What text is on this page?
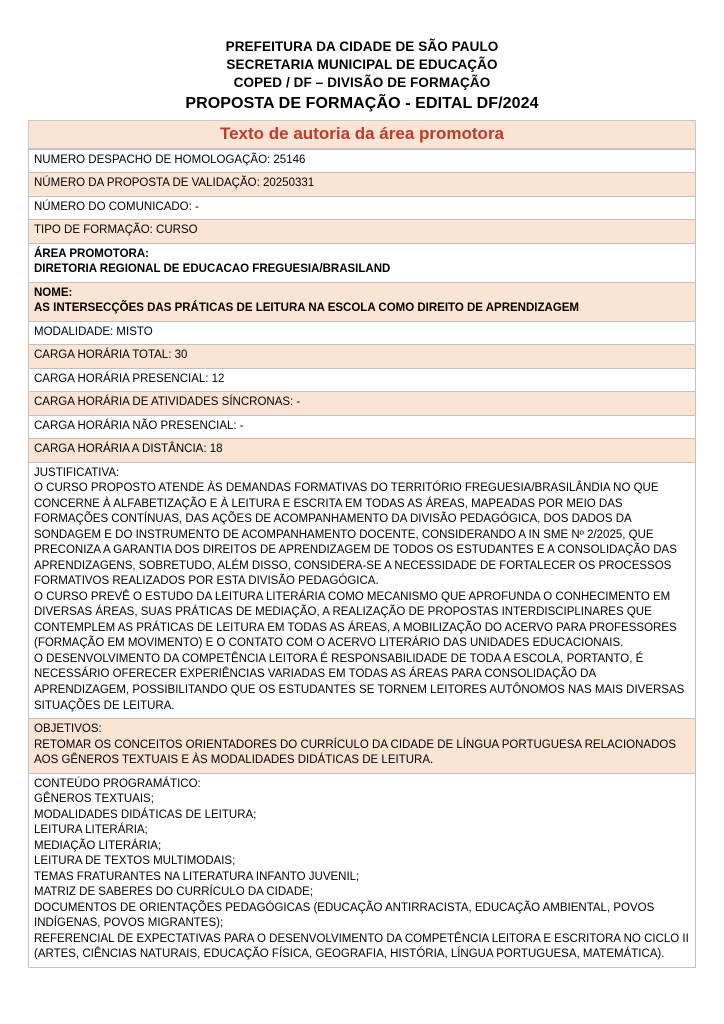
PREFEITURA DA CIDADE DE SÃO PAULO
SECRETARIA MUNICIPAL DE EDUCAÇÃO
COPED / DF – DIVISÃO DE FORMAÇÃO
PROPOSTA DE FORMAÇÃO - EDITAL DF/2024
Texto de autoria da área promotora
NUMERO DESPACHO DE HOMOLOGAÇÃO: 25146
NÚMERO DA PROPOSTA DE VALIDAÇÃO: 20250331
NÚMERO DO COMUNICADO: -
TIPO DE FORMAÇÃO: CURSO

ÁREA PROMOTORA:
DIRETORIA REGIONAL DE EDUCACAO FREGUESIA/BRASILAND

NOME:
AS INTERSECÇÕES DAS PRÁTICAS DE LEITURA NA ESCOLA COMO DIREITO DE APRENDIZAGEM

MODALIDADE: MISTO
CARGA HORÁRIA TOTAL: 30
CARGA HORÁRIA PRESENCIAL: 12
CARGA HORÁRIA DE ATIVIDADES SÍNCRONAS: -
CARGA HORÁRIA NÃO PRESENCIAL: -
CARGA HORÁRIA A DISTÂNCIA: 18

JUSTIFICATIVA:
O CURSO PROPOSTO ATENDE ÀS DEMANDAS FORMATIVAS DO TERRITÓRIO FREGUESIA/BRASILÂNDIA NO QUE CONCERNE À ALFABETIZAÇÃO E À LEITURA E ESCRITA EM TODAS AS ÁREAS, MAPEADAS POR MEIO DAS FORMAÇÕES CONTÍNUAS, DAS AÇÕES DE ACOMPANHAMENTO DA DIVISÃO PEDAGÓGICA, DOS DADOS DA SONDAGEM E DO INSTRUMENTO DE ACOMPANHAMENTO DOCENTE, CONSIDERANDO A IN SME Nº 2/2025, QUE PRECONIZA A GARANTIA DOS DIREITOS DE APRENDIZAGEM DE TODOS OS ESTUDANTES E A CONSOLIDAÇÃO DAS APRENDIZAGENS, SOBRETUDO, ALÉM DISSO, CONSIDERA-SE A NECESSIDADE DE FORTALECER OS PROCESSOS FORMATIVOS REALIZADOS POR ESTA DIVISÃO PEDAGÓGICA.
O CURSO PREVÊ O ESTUDO DA LEITURA LITERÁRIA COMO MECANISMO QUE APROFUNDA O CONHECIMENTO EM DIVERSAS ÁREAS, SUAS PRÁTICAS DE MEDIAÇÃO, A REALIZAÇÃO DE PROPOSTAS INTERDISCIPLINARES QUE CONTEMPLEM AS PRÁTICAS DE LEITURA EM TODAS AS ÁREAS, A MOBILIZAÇÃO DO ACERVO PARA PROFESSORES (FORMAÇÃO EM MOVIMENTO) E O CONTATO COM O ACERVO LITERÁRIO DAS UNIDADES EDUCACIONAIS.
O DESENVOLVIMENTO DA COMPETÊNCIA LEITORA É RESPONSABILIDADE DE TODA A ESCOLA, PORTANTO, É NECESSÁRIO OFERECER EXPERIÊNCIAS VARIADAS EM TODAS AS ÁREAS PARA CONSOLIDAÇÃO DA APRENDIZAGEM, POSSIBILITANDO QUE OS ESTUDANTES SE TORNEM LEITORES AUTÔNOMOS NAS MAIS DIVERSAS SITUAÇÕES DE LEITURA.

OBJETIVOS:
RETOMAR OS CONCEITOS ORIENTADORES DO CURRÍCULO DA CIDADE DE LÍNGUA PORTUGUESA RELACIONADOS AOS GÊNEROS TEXTUAIS E ÀS MODALIDADES DIDÁTICAS DE LEITURA.

CONTEÚDO PROGRAMÁTICO:
GÊNEROS TEXTUAIS;
MODALIDADES DIDÁTICAS DE LEITURA;
LEITURA LITERÁRIA;
MEDIAÇÃO LITERÁRIA;
LEITURA DE TEXTOS MULTIMODAIS;
TEMAS FRATURANTES NA LITERATURA INFANTO JUVENIL;
MATRIZ DE SABERES DO CURRÍCULO DA CIDADE;
DOCUMENTOS DE ORIENTAÇÕES PEDAGÓGICAS (EDUCAÇÃO ANTIRRACISTA, EDUCAÇÃO AMBIENTAL, POVOS INDÍGENAS, POVOS MIGRANTES);
REFERENCIAL DE EXPECTATIVAS PARA O DESENVOLVIMENTO DA COMPETÊNCIA LEITORA E ESCRITORA NO CICLO II (ARTES, CIÊNCIAS NATURAIS, EDUCAÇÃO FÍSICA, GEOGRAFIA, HISTÓRIA, LÍNGUA PORTUGUESA, MATEMÁTICA).
